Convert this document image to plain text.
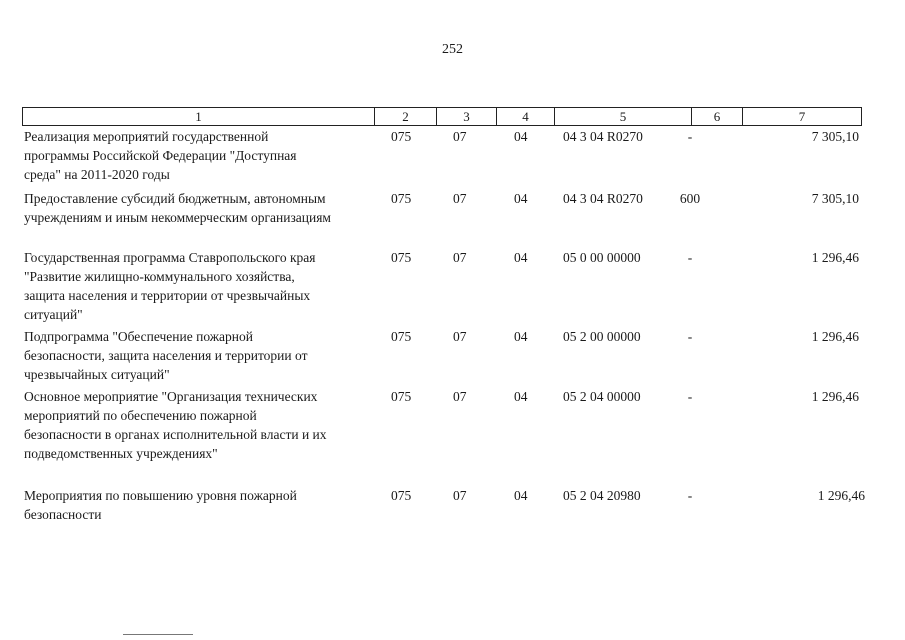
252
1	2	3	4	5	6	7
Реализация мероприятий государственной
программы Российской Федерации "Доступная
среда" на 2011-2020 годы
075	07	04	04 3 04 R0270	-	7 305,10
Предоставление субсидий бюджетным, автономным
учреждениям и иным некоммерческим организациям
075	07	04	04 3 04 R0270	600	7 305,10
Государственная программа Ставропольского края
"Развитие жилищно-коммунального хозяйства,
защита населения и территории от чрезвычайных
ситуаций"
075	07	04	05 0 00 00000	-	1 296,46
Подпрограмма "Обеспечение пожарной
безопасности, защита населения и территории от
чрезвычайных ситуаций"
075	07	04	05 2 00 00000	-	1 296,46
Основное мероприятие "Организация технических
мероприятий по обеспечению пожарной
безопасности в органах исполнительной власти и их
подведомственных учреждениях"
075	07	04	05 2 04 00000	-	1 296,46
Мероприятия по повышению уровня пожарной
безопасности
075	07	04	05 2 04 20980	-	1 296,46
